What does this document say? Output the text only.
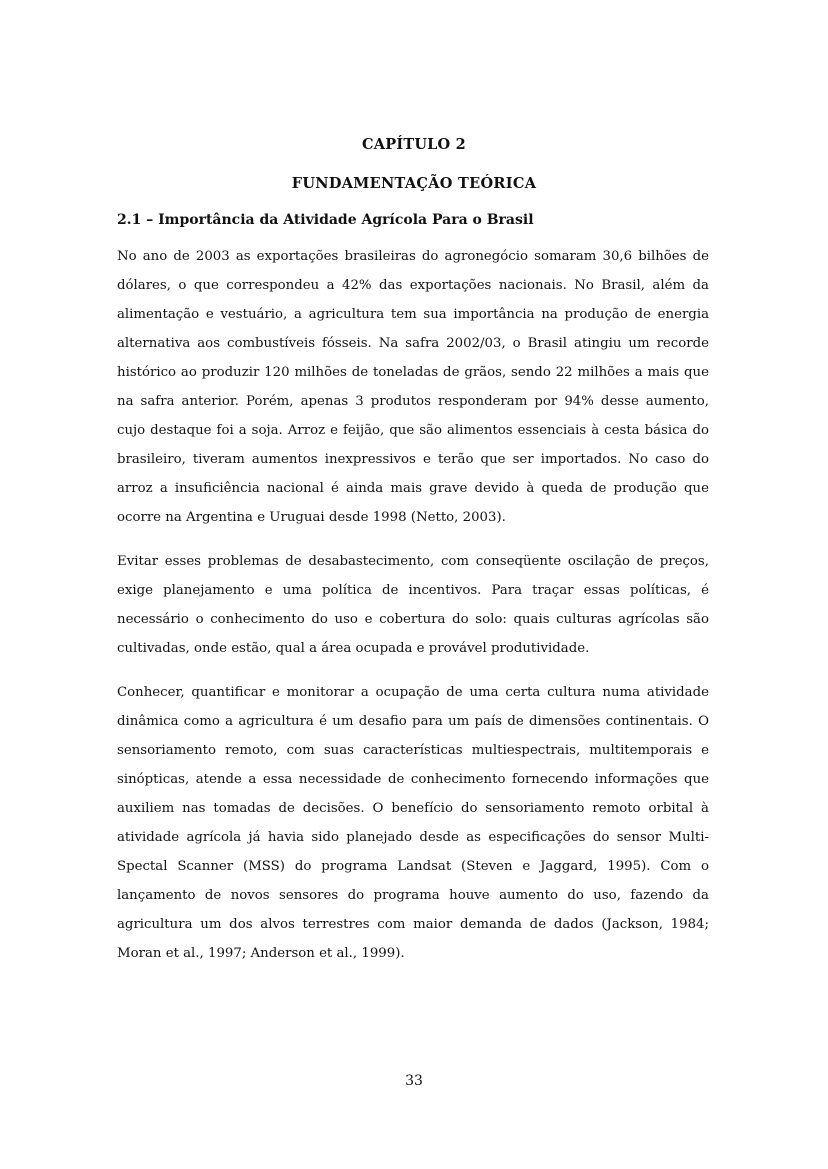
CAPÍTULO 2
FUNDAMENTAÇÃO TEÓRICA
2.1 – Importância da Atividade Agrícola Para o Brasil

No ano de 2003 as exportações brasileiras do agronegócio somaram 30,6 bilhões de dólares, o que correspondeu a 42% das exportações nacionais. No Brasil, além da alimentação e vestuário, a agricultura tem sua importância na produção de energia alternativa aos combustíveis fósseis. Na safra 2002/03, o Brasil atingiu um recorde histórico ao produzir 120 milhões de toneladas de grãos, sendo 22 milhões a mais que na safra anterior. Porém, apenas 3 produtos responderam por 94% desse aumento, cujo destaque foi a soja. Arroz e feijão, que são alimentos essenciais à cesta básica do brasileiro, tiveram aumentos inexpressivos e terão que ser importados. No caso do arroz a insuficiência nacional é ainda mais grave devido à queda de produção que ocorre na Argentina e Uruguai desde 1998 (Netto, 2003).

Evitar esses problemas de desabastecimento, com conseqüente oscilação de preços, exige planejamento e uma política de incentivos. Para traçar essas políticas, é necessário o conhecimento do uso e cobertura do solo: quais culturas agrícolas são cultivadas, onde estão, qual a área ocupada e provável produtividade.

Conhecer, quantificar e monitorar a ocupação de uma certa cultura numa atividade dinâmica como a agricultura é um desafio para um país de dimensões continentais. O sensoriamento remoto, com suas características multiespectrais, multitemporais e sinópticas, atende a essa necessidade de conhecimento fornecendo informações que auxiliem nas tomadas de decisões. O benefício do sensoriamento remoto orbital à atividade agrícola já havia sido planejado desde as especificações do sensor Multi-Spectal Scanner (MSS) do programa Landsat (Steven e Jaggard, 1995). Com o lançamento de novos sensores do programa houve aumento do uso, fazendo da agricultura um dos alvos terrestres com maior demanda de dados (Jackson, 1984; Moran et al., 1997; Anderson et al., 1999).

33
